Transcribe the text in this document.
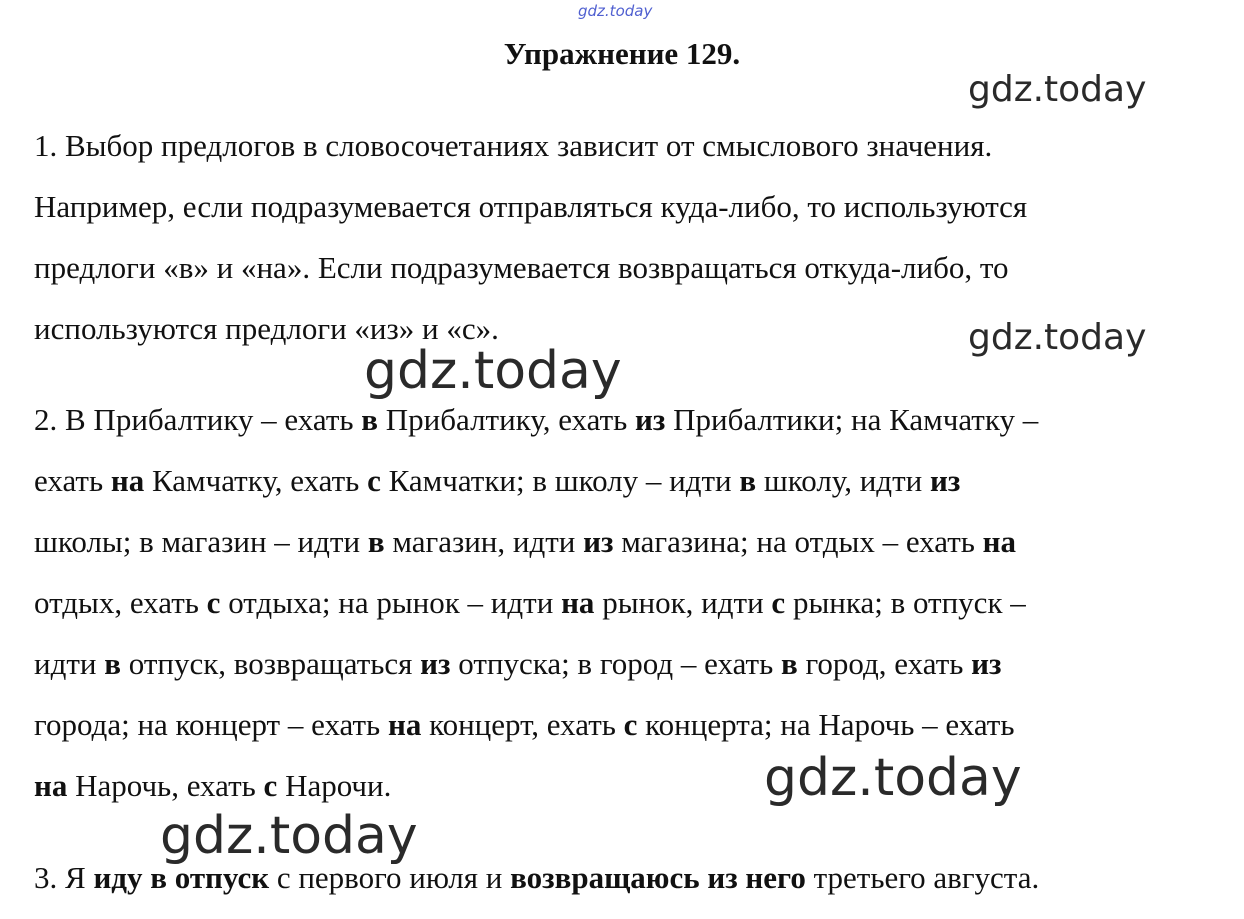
gdz.today
gdz.today
gdz.today
gdz.today
gdz.today
gdz.today
Упражнение 129.
1. Выбор предлогов в словосочетаниях зависит от смыслового значения.
Например, если подразумевается отправляться куда-либо, то используются
предлоги «в» и «на». Если подразумевается возвращаться откуда-либо, то
используются предлоги «из» и «с».
2. В Прибалтику – ехать в Прибалтику, ехать из Прибалтики; на Камчатку –
ехать на Камчатку, ехать с Камчатки; в школу – идти в школу, идти из
школы; в магазин – идти в магазин, идти из магазина; на отдых – ехать на
отдых, ехать с отдыха; на рынок – идти на рынок, идти с рынка; в отпуск –
идти в отпуск, возвращаться из отпуска; в город – ехать в город, ехать из
города; на концерт – ехать на концерт, ехать с концерта; на Нарочь – ехать
на Нарочь, ехать с Нарочи.
3. Я иду в отпуск с первого июля и возвращаюсь из него третьего августа.
